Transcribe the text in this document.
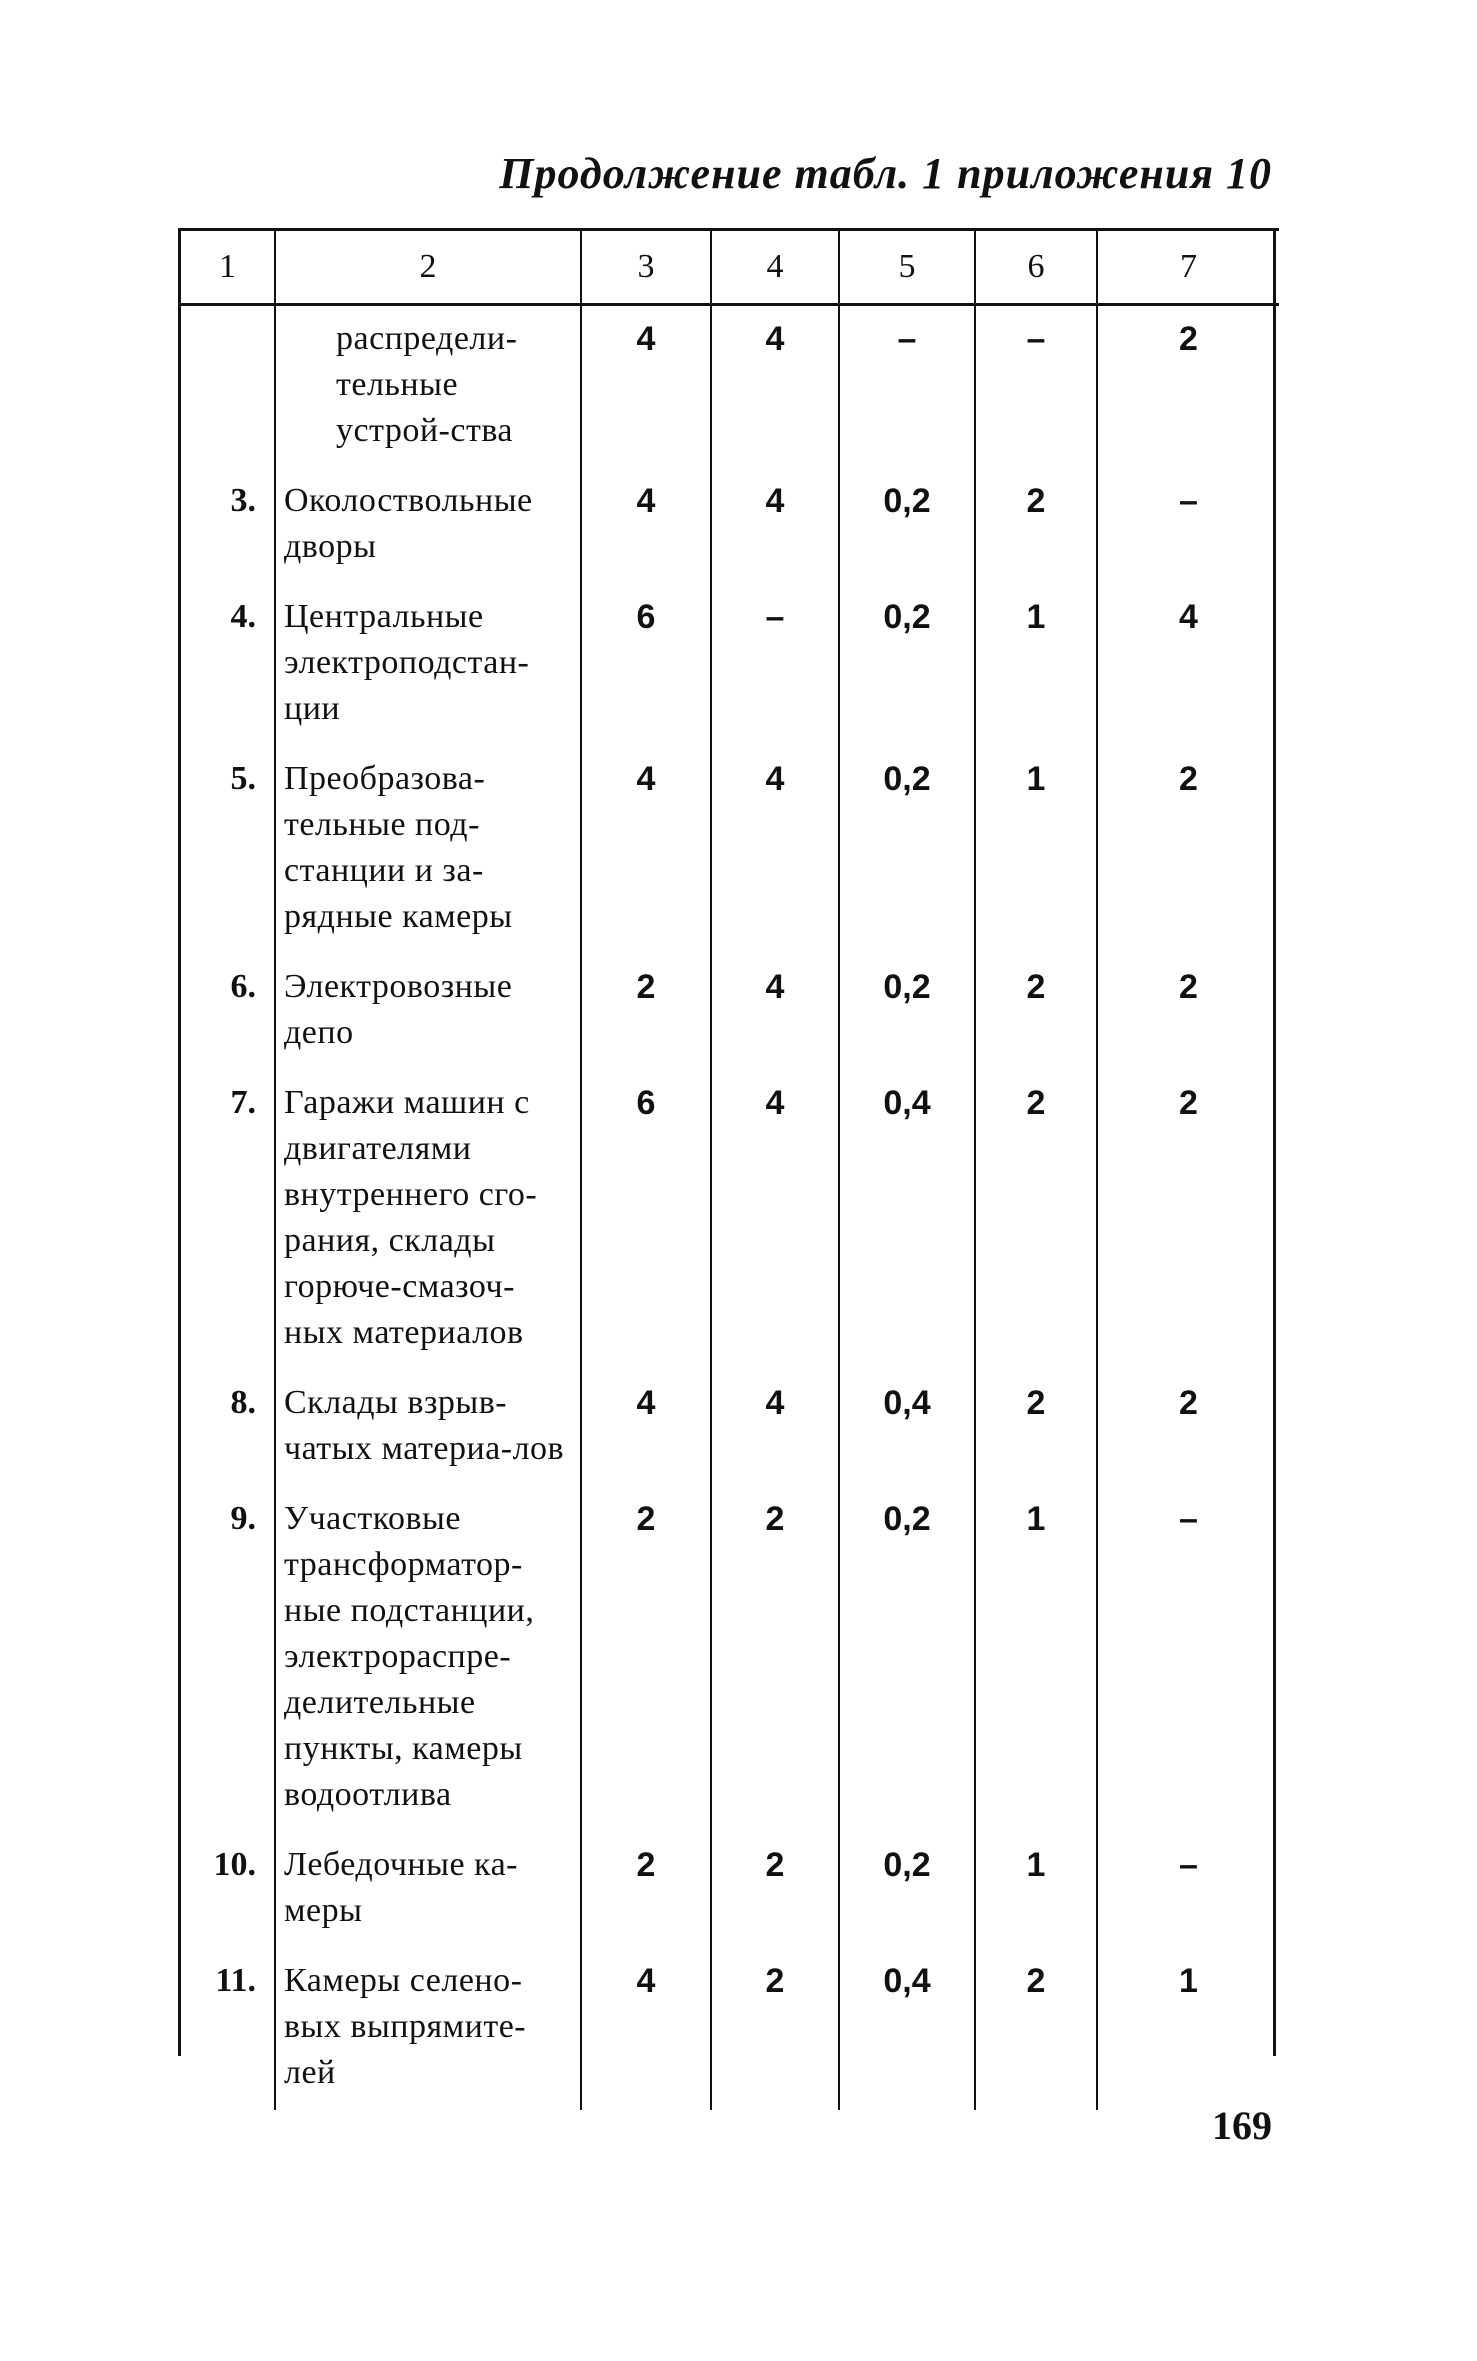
Продолжение табл. 1 приложения 10
1	2	3	4	5	6	7
	распредели-тельные устрой-ства	4	4	–	–	2
3.	Околоствольные дворы	4	4	0,2	2	–
4.	Центральные электроподстан-ции	6	–	0,2	1	4
5.	Преобразова-тельные под-станции и за-рядные камеры	4	4	0,2	1	2
6.	Электровозные депо	2	4	0,2	2	2
7.	Гаражи машин с двигателями внутреннего сго-рания, склады горюче-смазоч-ных материалов	6	4	0,4	2	2
8.	Склады взрыв-чатых материа-лов	4	4	0,4	2	2
9.	Участковые трансформатор-ные подстанции, электрораспре-делительные пункты, камеры водоотлива	2	2	0,2	1	–
10.	Лебедочные ка-меры	2	2	0,2	1	–
11.	Камеры селено-вых выпрямите-лей	4	2	0,4	2	1
169
